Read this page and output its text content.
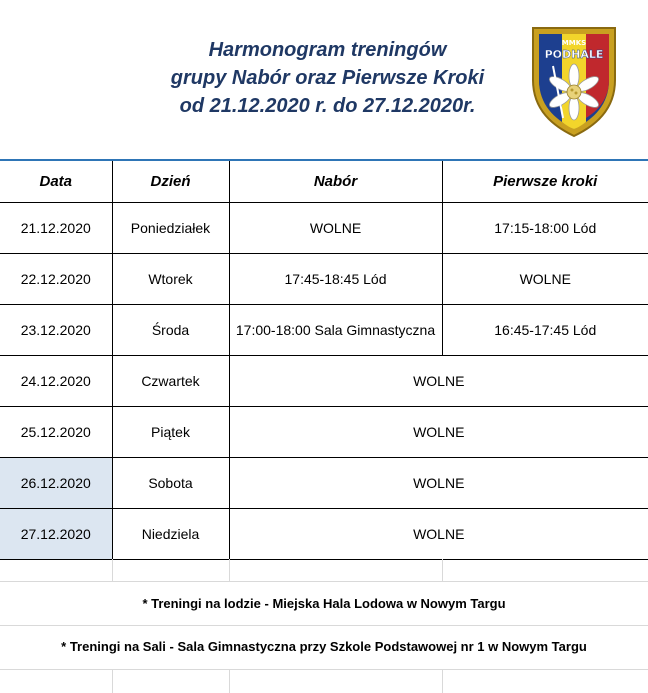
Harmonogram treningów
grupy Nabór oraz Pierwsze Kroki
od 21.12.2020 r. do 27.12.2020r.
MMKS
PODHALE
Data	Dzień	Nabór	Pierwsze kroki
21.12.2020	Poniedziałek	WOLNE	17:15-18:00 Lód
22.12.2020	Wtorek	17:45-18:45 Lód	WOLNE
23.12.2020	Środa	17:00-18:00 Sala Gimnastyczna	16:45-17:45 Lód
24.12.2020	Czwartek	WOLNE	
25.12.2020	Piątek	WOLNE	
26.12.2020	Sobota	WOLNE	
27.12.2020	Niedziela	WOLNE	
* Treningi na lodzie - Miejska Hala Lodowa w Nowym Targu
* Treningi na Sali - Sala Gimnastyczna przy Szkole Podstawowej nr 1 w Nowym Targu
